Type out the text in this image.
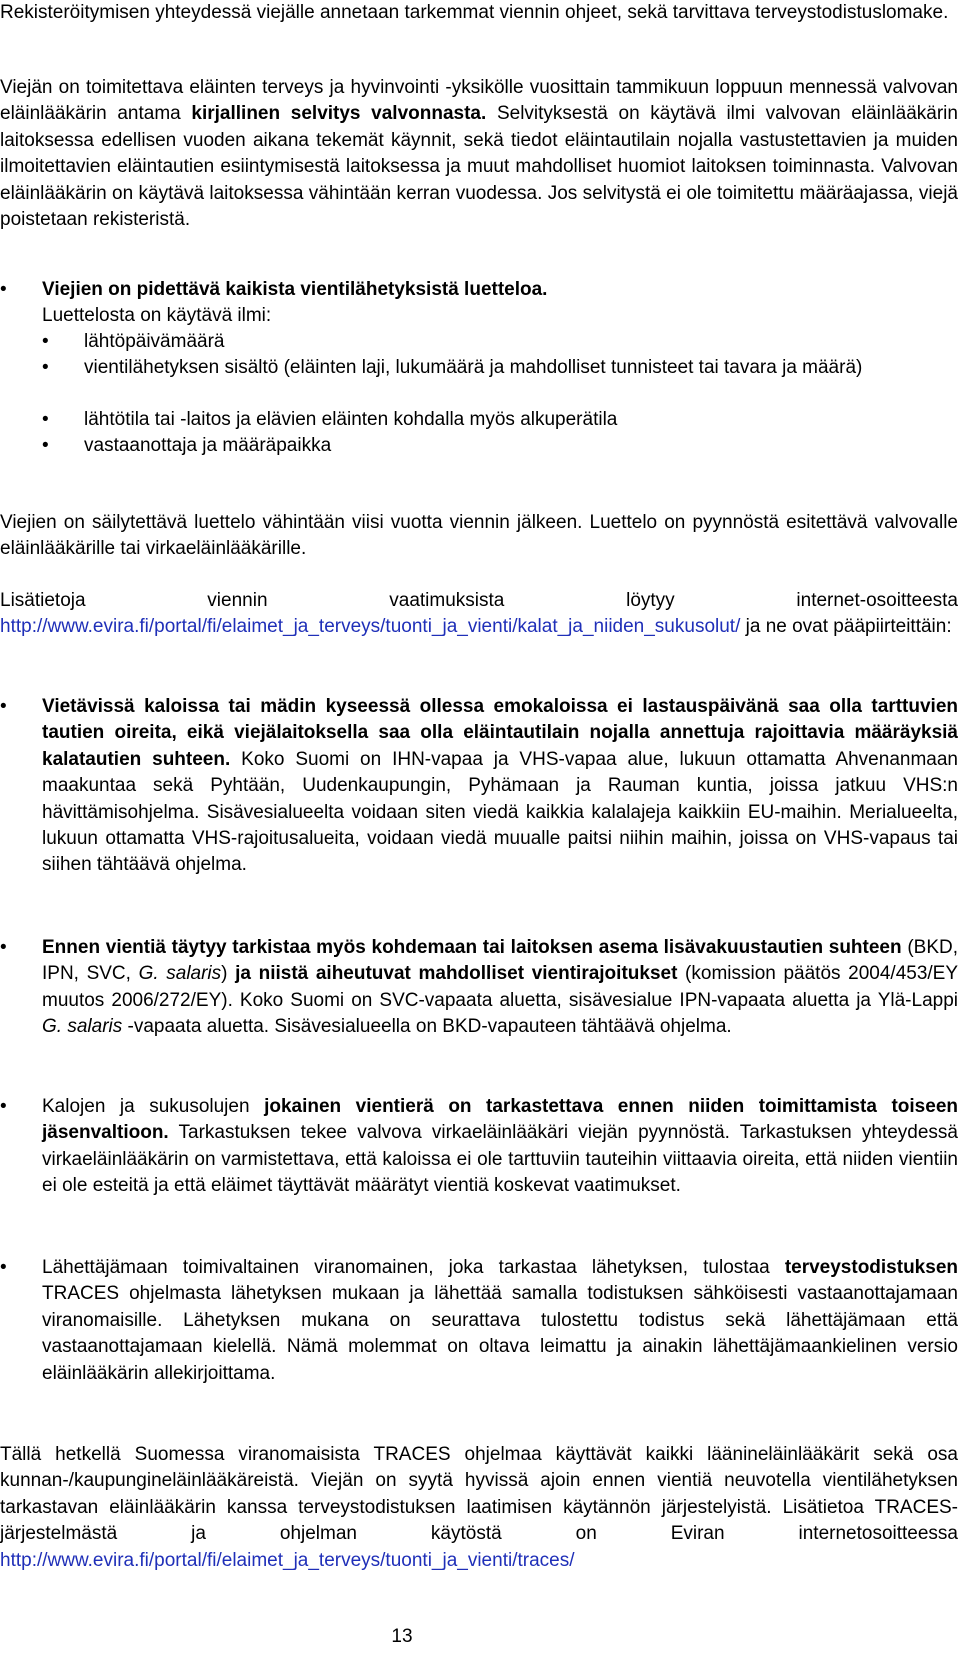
Rekisteröitymisen yhteydessä viejälle annetaan tarkemmat viennin ohjeet, sekä tarvittava terveystodistuslomake.

Viejän on toimitettava eläinten terveys ja hyvinvointi -yksikölle vuosittain tammikuun loppuun mennessä valvovan eläinlääkärin antama kirjallinen selvitys valvonnasta. Selvityksestä on käytävä ilmi valvovan eläinlääkärin laitoksessa edellisen vuoden aikana tekemät käynnit, sekä tiedot eläintautilain nojalla vastustettavien ja muiden ilmoitettavien eläintautien esiintymisestä laitoksessa ja muut mahdolliset huomiot laitoksen toiminnasta. Valvovan eläinlääkärin on käytävä laitoksessa vähintään kerran vuodessa. Jos selvitystä ei ole toimitettu määräajassa, viejä poistetaan rekisteristä.

•	Viejien on pidettävä kaikista vientilähetyksistä luetteloa.
Luettelosta on käytävä ilmi:
•	lähtöpäivämäärä
•	vientilähetyksen sisältö (eläinten laji, lukumäärä ja mahdolliset tunnisteet tai tavara ja määrä)
•	lähtötila tai -laitos ja elävien eläinten kohdalla myös alkuperätila
•	vastaanottaja ja määräpaikka

Viejien on säilytettävä luettelo vähintään viisi vuotta viennin jälkeen. Luettelo on pyynnöstä esitettävä valvovalle eläinlääkärille tai virkaeläinlääkärille.

Lisätietoja viennin vaatimuksista löytyy internet-osoitteesta

http://www.evira.fi/portal/fi/elaimet_ja_terveys/tuonti_ja_vienti/kalat_ja_niiden_sukusolut/ ja ne ovat pääpiirteittäin:

•	Vietävissä kaloissa tai mädin kyseessä ollessa emokaloissa ei lastauspäivänä saa olla tarttuvien tautien oireita, eikä viejälaitoksella saa olla eläintautilain nojalla annettuja rajoittavia määräyksiä kalatautien suhteen. Koko Suomi on IHN-vapaa ja VHS-vapaa alue, lukuun ottamatta Ahvenanmaan maakuntaa sekä Pyhtään, Uudenkaupungin, Pyhämaan ja Rauman kuntia, joissa jatkuu VHS:n hävittämisohjelma. Sisävesialueelta voidaan siten viedä kaikkia kalalajeja kaikkiin EU-maihin. Merialueelta, lukuun ottamatta VHS-rajoitusalueita, voidaan viedä muualle paitsi niihin maihin, joissa on VHS-vapaus tai siihen tähtäävä ohjelma.
•	Ennen vientiä täytyy tarkistaa myös kohdemaan tai laitoksen asema lisävakuustautien suhteen (BKD, IPN, SVC, G. salaris) ja niistä aiheutuvat mahdolliset vientirajoitukset (komission päätös 2004/453/EY muutos 2006/272/EY). Koko Suomi on SVC-vapaata aluetta, sisävesialue IPN-vapaata aluetta ja Ylä-Lappi G. salaris -vapaata aluetta. Sisävesialueella on BKD-vapauteen tähtäävä ohjelma.
•	Kalojen ja sukusolujen jokainen vientierä on tarkastettava ennen niiden toimittamista toiseen jäsenvaltioon. Tarkastuksen tekee valvova virkaeläinlääkäri viejän pyynnöstä. Tarkastuksen yhteydessä virkaeläinlääkärin on varmistettava, että kaloissa ei ole tarttuviin tauteihin viittaavia oireita, että niiden vientiin ei ole esteitä ja että eläimet täyttävät määrätyt vientiä koskevat vaatimukset.
•	Lähettäjämaan toimivaltainen viranomainen, joka tarkastaa lähetyksen, tulostaa terveystodistuksen TRACES ohjelmasta lähetyksen mukaan ja lähettää samalla todistuksen sähköisesti vastaanottajamaan viranomaisille. Lähetyksen mukana on seurattava tulostettu todistus sekä lähettäjämaan että vastaanottajamaan kielellä. Nämä molemmat on oltava leimattu ja ainakin lähettäjämaankielinen versio eläinlääkärin allekirjoittama.

Tällä hetkellä Suomessa viranomaisista TRACES ohjelmaa käyttävät kaikki läänineläinlääkärit sekä osa kunnan-/kaupungineläinlääkäreistä. Viejän on syytä hyvissä ajoin ennen vientiä neuvotella vientilähetyksen tarkastavan eläinlääkärin kanssa terveystodistuksen laatimisen käytännön järjestelyistä. Lisätietoa TRACES-järjestelmästä ja ohjelman käytöstä on Eviran internetosoitteessa http://www.evira.fi/portal/fi/elaimet_ja_terveys/tuonti_ja_vienti/traces/

13
